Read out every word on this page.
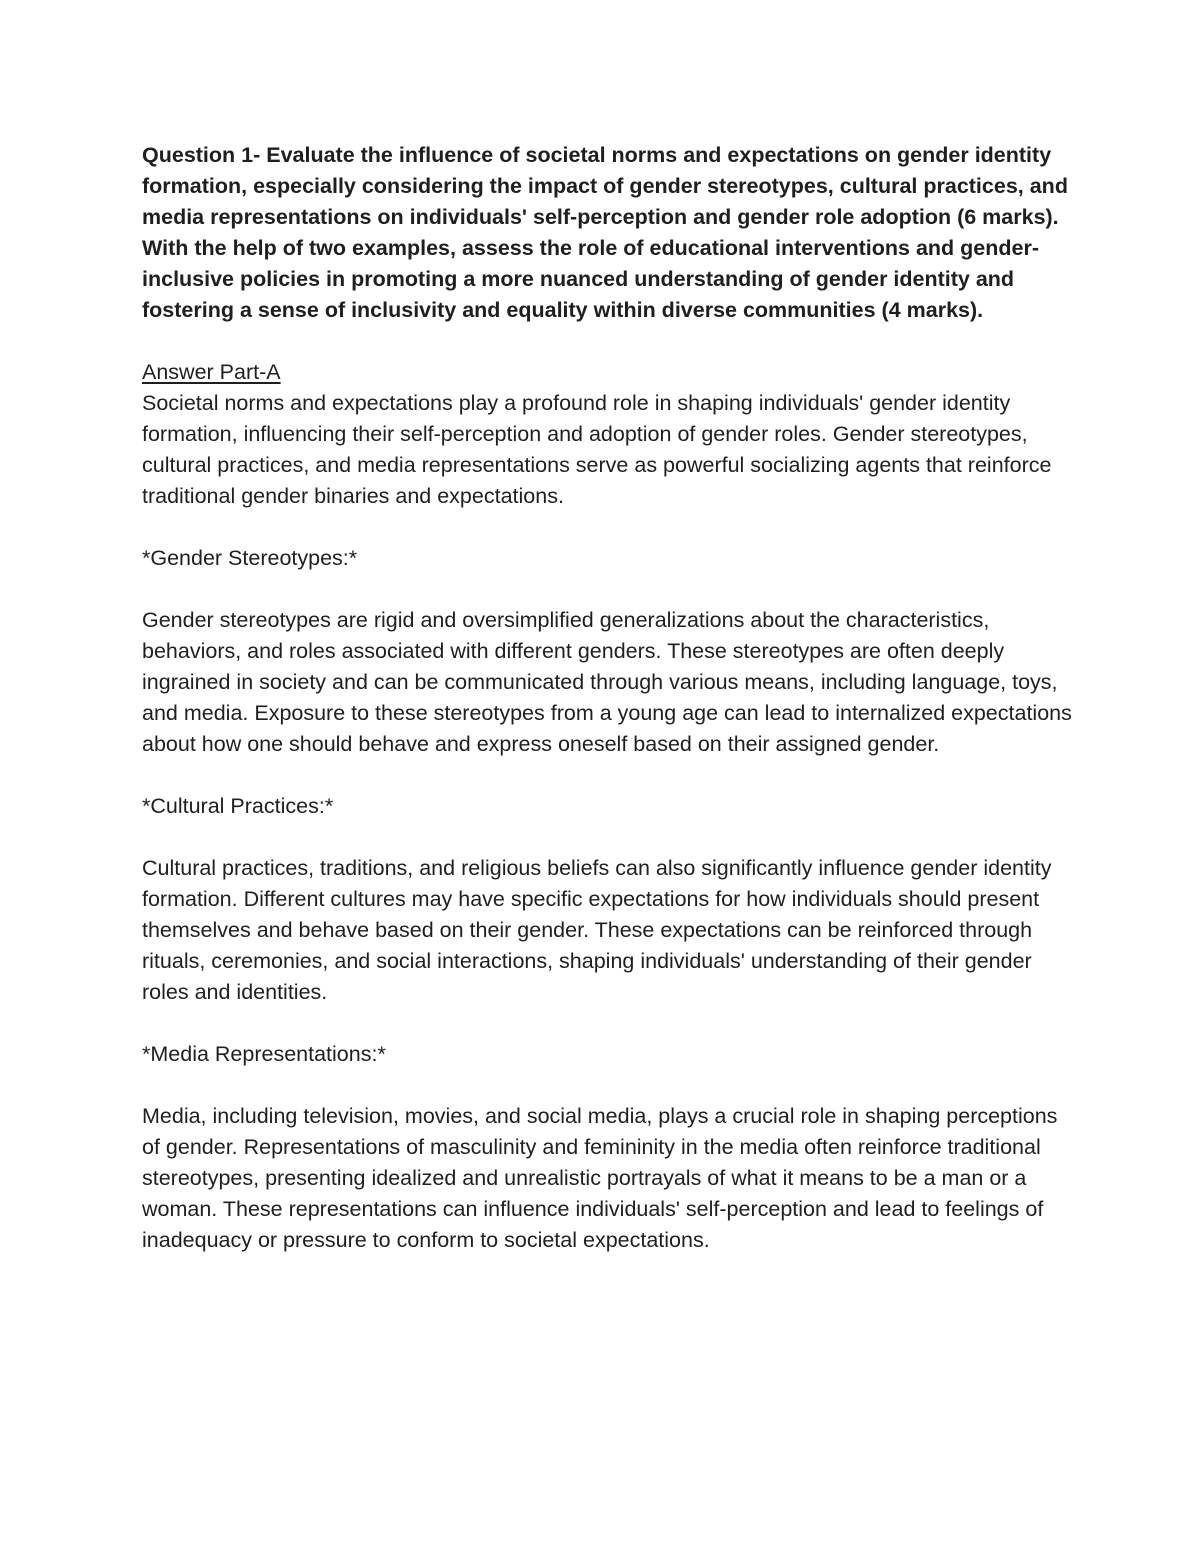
Question 1- Evaluate the influence of societal norms and expectations on gender identity formation, especially considering the impact of gender stereotypes, cultural practices, and media representations on individuals' self-perception and gender role adoption (6 marks). With the help of two examples, assess the role of educational interventions and gender-inclusive policies in promoting a more nuanced understanding of gender identity and fostering a sense of inclusivity and equality within diverse communities (4 marks).

Answer Part-A

Societal norms and expectations play a profound role in shaping individuals' gender identity formation, influencing their self-perception and adoption of gender roles. Gender stereotypes, cultural practices, and media representations serve as powerful socializing agents that reinforce traditional gender binaries and expectations.

*Gender Stereotypes:*

Gender stereotypes are rigid and oversimplified generalizations about the characteristics, behaviors, and roles associated with different genders. These stereotypes are often deeply ingrained in society and can be communicated through various means, including language, toys, and media. Exposure to these stereotypes from a young age can lead to internalized expectations about how one should behave and express oneself based on their assigned gender.

*Cultural Practices:*

Cultural practices, traditions, and religious beliefs can also significantly influence gender identity formation. Different cultures may have specific expectations for how individuals should present themselves and behave based on their gender. These expectations can be reinforced through rituals, ceremonies, and social interactions, shaping individuals' understanding of their gender roles and identities.

*Media Representations:*

Media, including television, movies, and social media, plays a crucial role in shaping perceptions of gender. Representations of masculinity and femininity in the media often reinforce traditional stereotypes, presenting idealized and unrealistic portrayals of what it means to be a man or a woman. These representations can influence individuals' self-perception and lead to feelings of inadequacy or pressure to conform to societal expectations.
